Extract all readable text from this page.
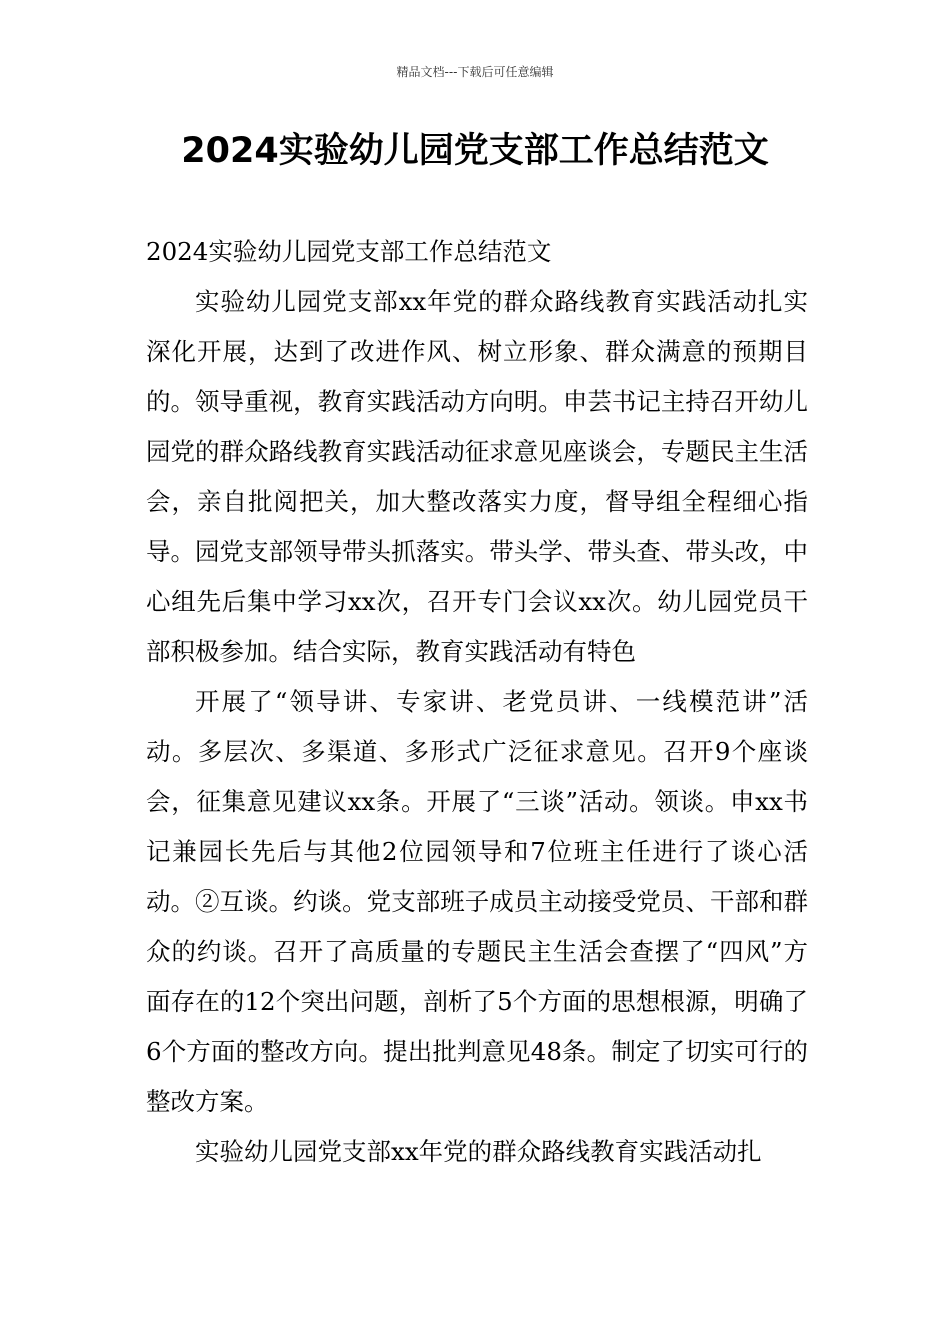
精品文档---下载后可任意编辑
2024实验幼儿园党支部工作总结范文

2024实验幼儿园党支部工作总结范文

实验幼儿园党支部xx年党的群众路线教育实践活动扎实深化开展，达到了改进作风、树立形象、群众满意的预期目的。领导重视，教育实践活动方向明。申芸书记主持召开幼儿园党的群众路线教育实践活动征求意见座谈会，专题民主生活会，亲自批阅把关，加大整改落实力度，督导组全程细心指导。园党支部领导带头抓落实。带头学、带头查、带头改，中心组先后集中学习xx次，召开专门会议xx次。幼儿园党员干部积极参加。结合实际，教育实践活动有特色

开展了“领导讲、专家讲、老党员讲、一线模范讲”活动。多层次、多渠道、多形式广泛征求意见。召开9个座谈会，征集意见建议xx条。开展了“三谈”活动。领谈。申xx书记兼园长先后与其他2位园领导和7位班主任进行了谈心活动。②互谈。约谈。党支部班子成员主动接受党员、干部和群众的约谈。召开了高质量的专题民主生活会查摆了“四风”方面存在的12个突出问题，剖析了5个方面的思想根源，明确了6个方面的整改方向。提出批判意见48条。制定了切实可行的整改方案。

实验幼儿园党支部xx年党的群众路线教育实践活动扎
